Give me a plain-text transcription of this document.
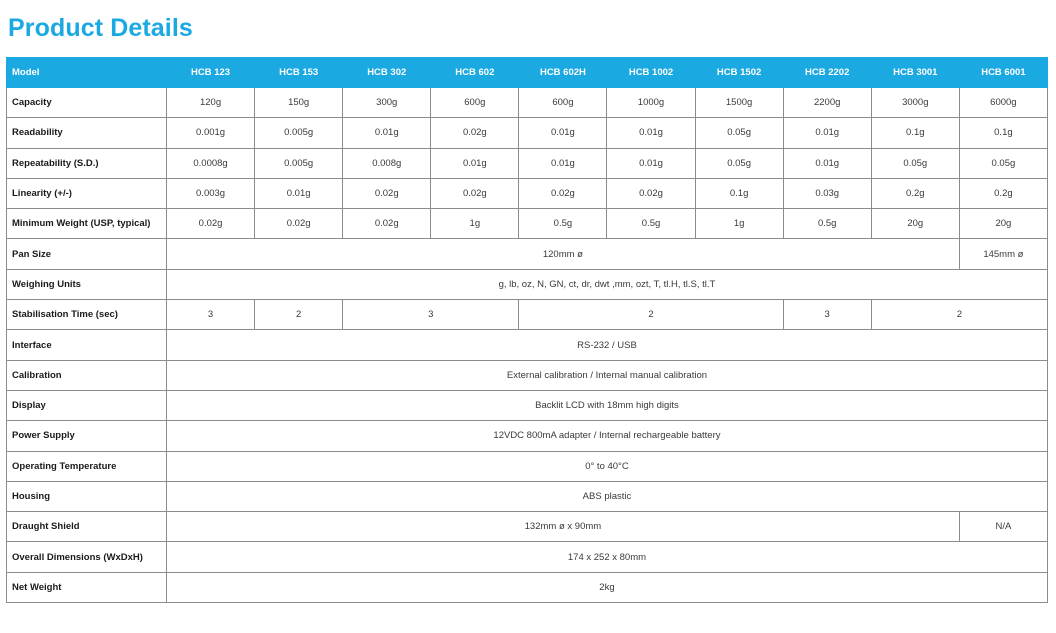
Product Details
Model	HCB 123	HCB 153	HCB 302	HCB 602	HCB 602H	HCB 1002	HCB 1502	HCB 2202	HCB 3001	HCB 6001
Capacity	120g	150g	300g	600g	600g	1000g	1500g	2200g	3000g	6000g
Readability	0.001g	0.005g	0.01g	0.02g	0.01g	0.01g	0.05g	0.01g	0.1g	0.1g
Repeatability (S.D.)	0.0008g	0.005g	0.008g	0.01g	0.01g	0.01g	0.05g	0.01g	0.05g	0.05g
Linearity (+/-)	0.003g	0.01g	0.02g	0.02g	0.02g	0.02g	0.1g	0.03g	0.2g	0.2g
Minimum Weight (USP, typical)	0.02g	0.02g	0.02g	1g	0.5g	0.5g	1g	0.5g	20g	20g
Pan Size	120mm ø									145mm ø
Weighing Units	g, lb, oz, N, GN, ct, dr, dwt ,mm, ozt, T, tl.H, tl.S, tl.T									
Stabilisation Time (sec)	3	2	3		2			3	2	
Interface	RS-232 / USB									
Calibration	External calibration / Internal manual calibration									
Display	Backlit LCD with 18mm high digits									
Power Supply	12VDC 800mA adapter / Internal rechargeable battery									
Operating Temperature	0° to 40°C									
Housing	ABS plastic									
Draught Shield	132mm ø x 90mm									N/A
Overall Dimensions (WxDxH)	174 x 252 x 80mm									
Net Weight	2kg									
